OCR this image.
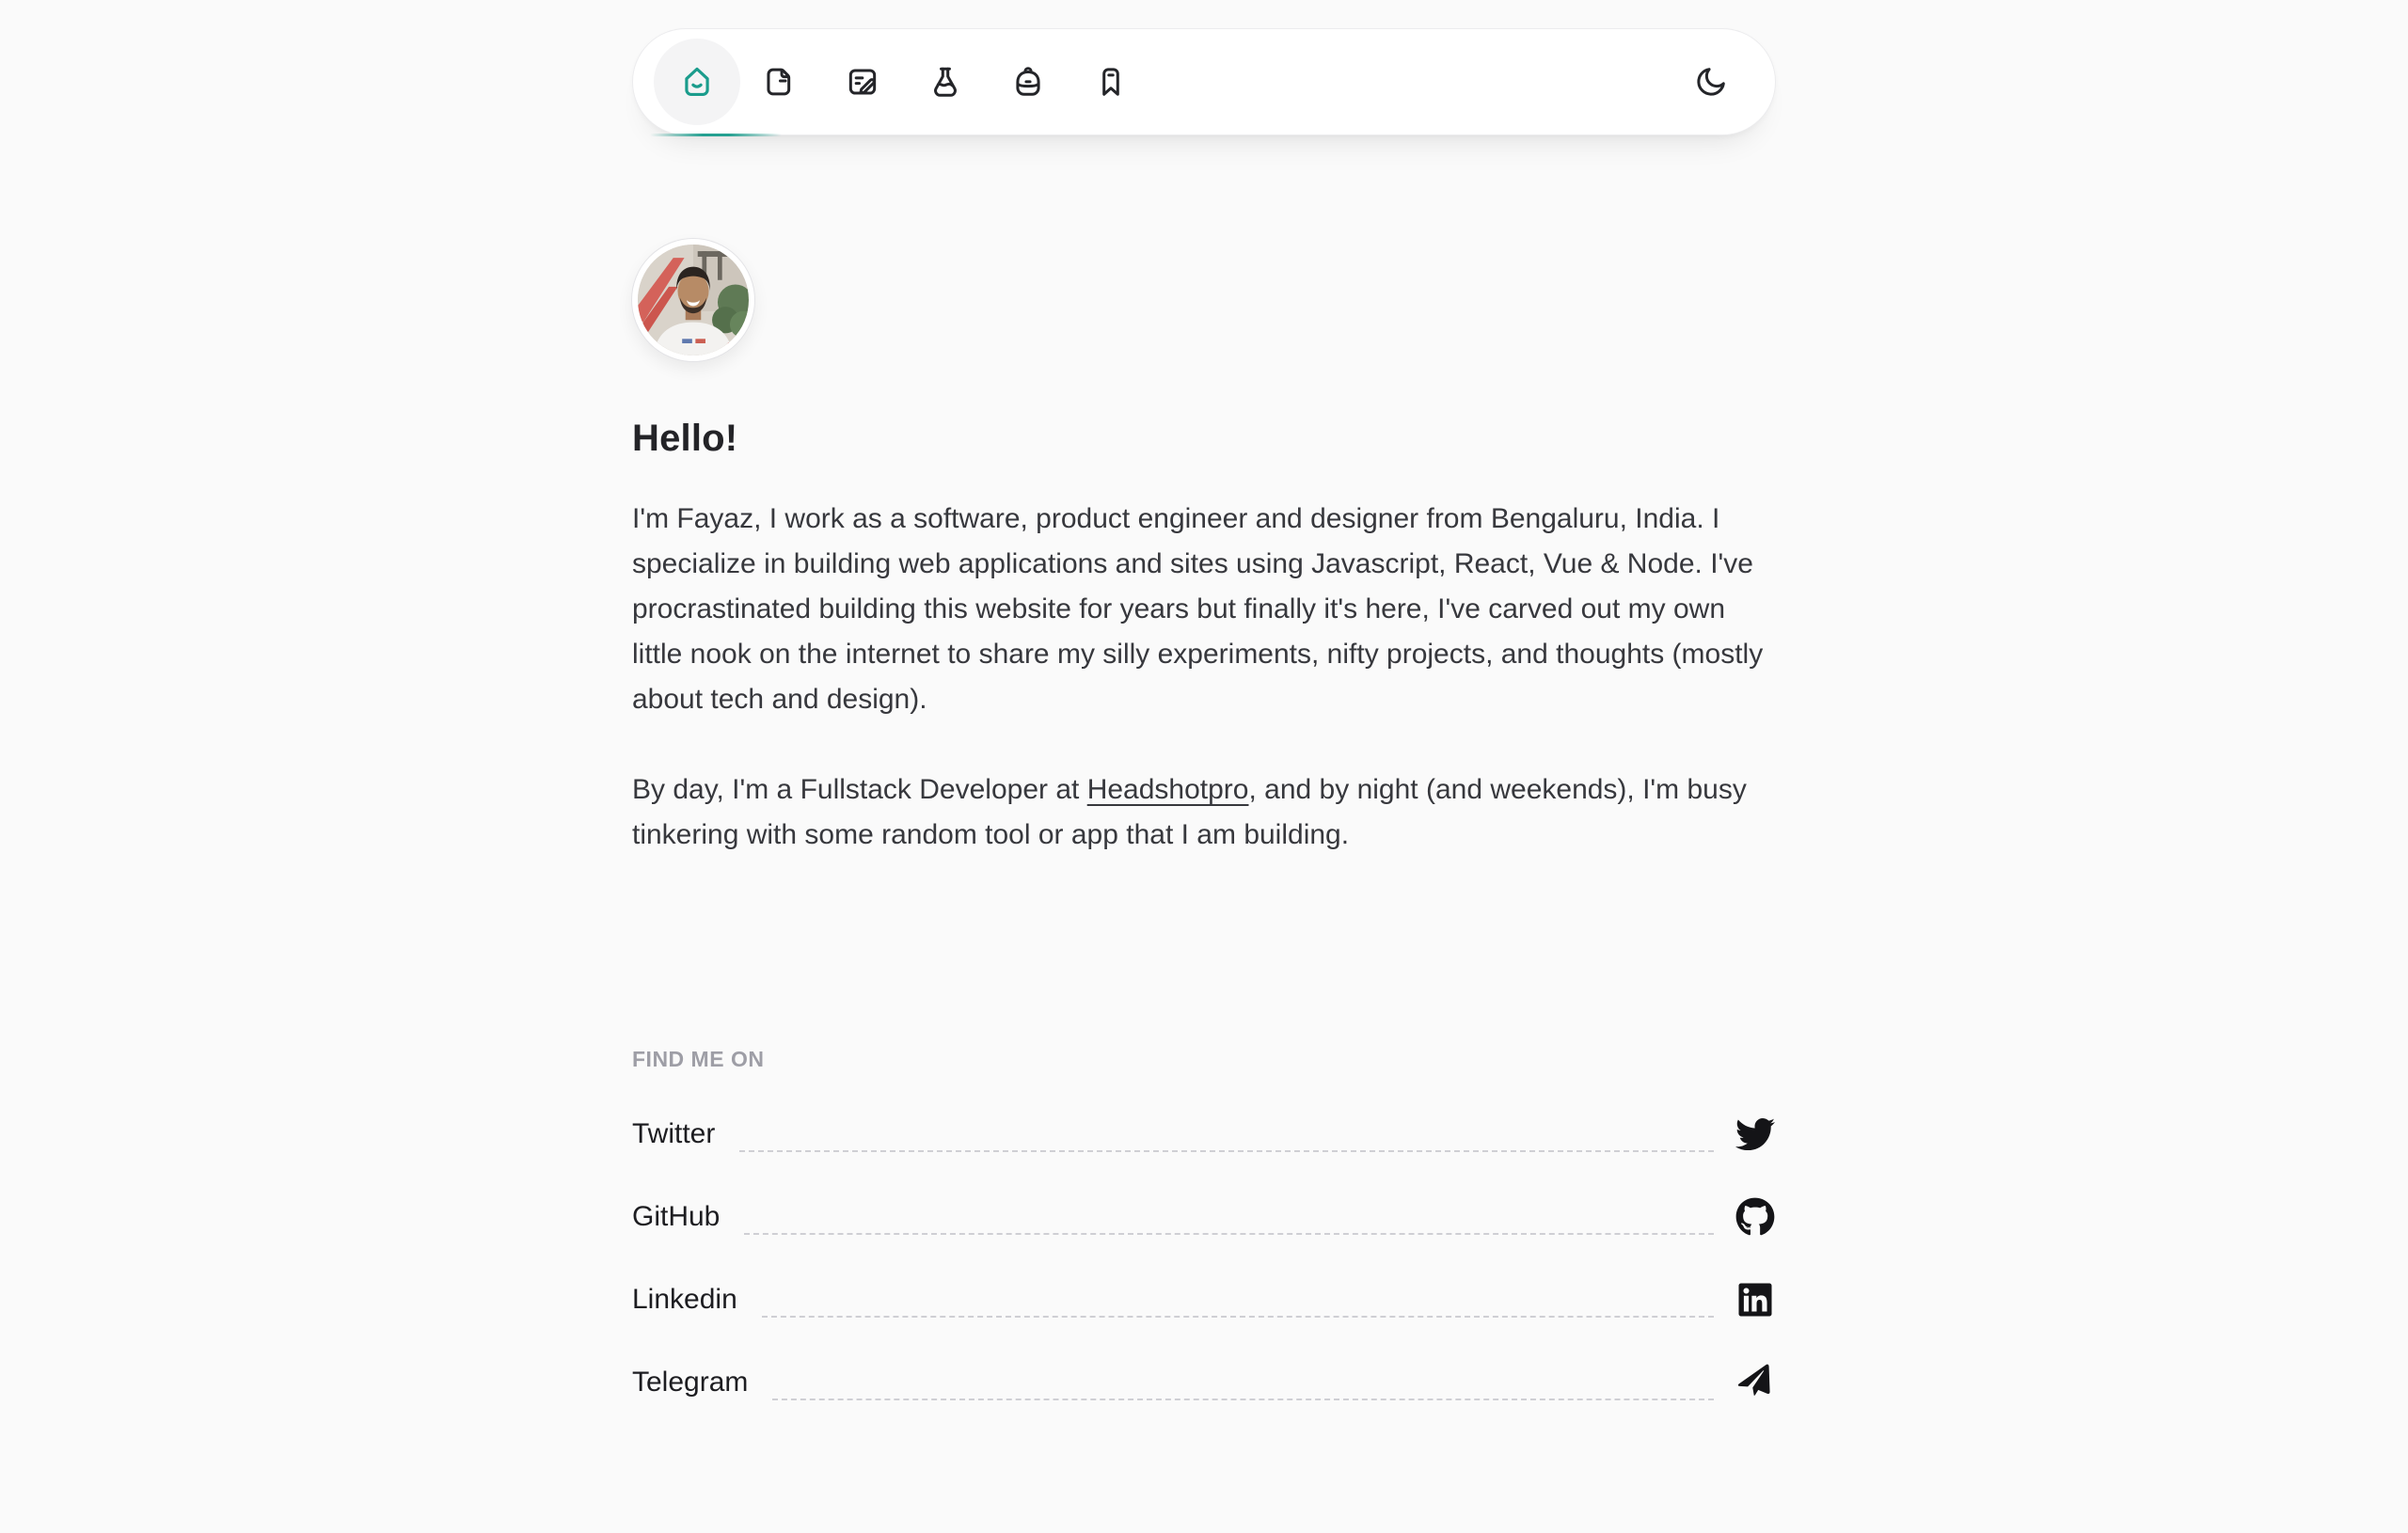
Hello!

I'm Fayaz, I work as a software, product engineer and designer from Bengaluru, India. I specialize in building web applications and sites using Javascript, React, Vue & Node. I've procrastinated building this website for years but finally it's here, I've carved out my own little nook on the internet to share my silly experiments, nifty projects, and thoughts (mostly about tech and design).

By day, I'm a Fullstack Developer at Headshotpro, and by night (and weekends), I'm busy tinkering with some random tool or app that I am building.

FIND ME ON
Twitter
GitHub
Linkedin
Telegram
